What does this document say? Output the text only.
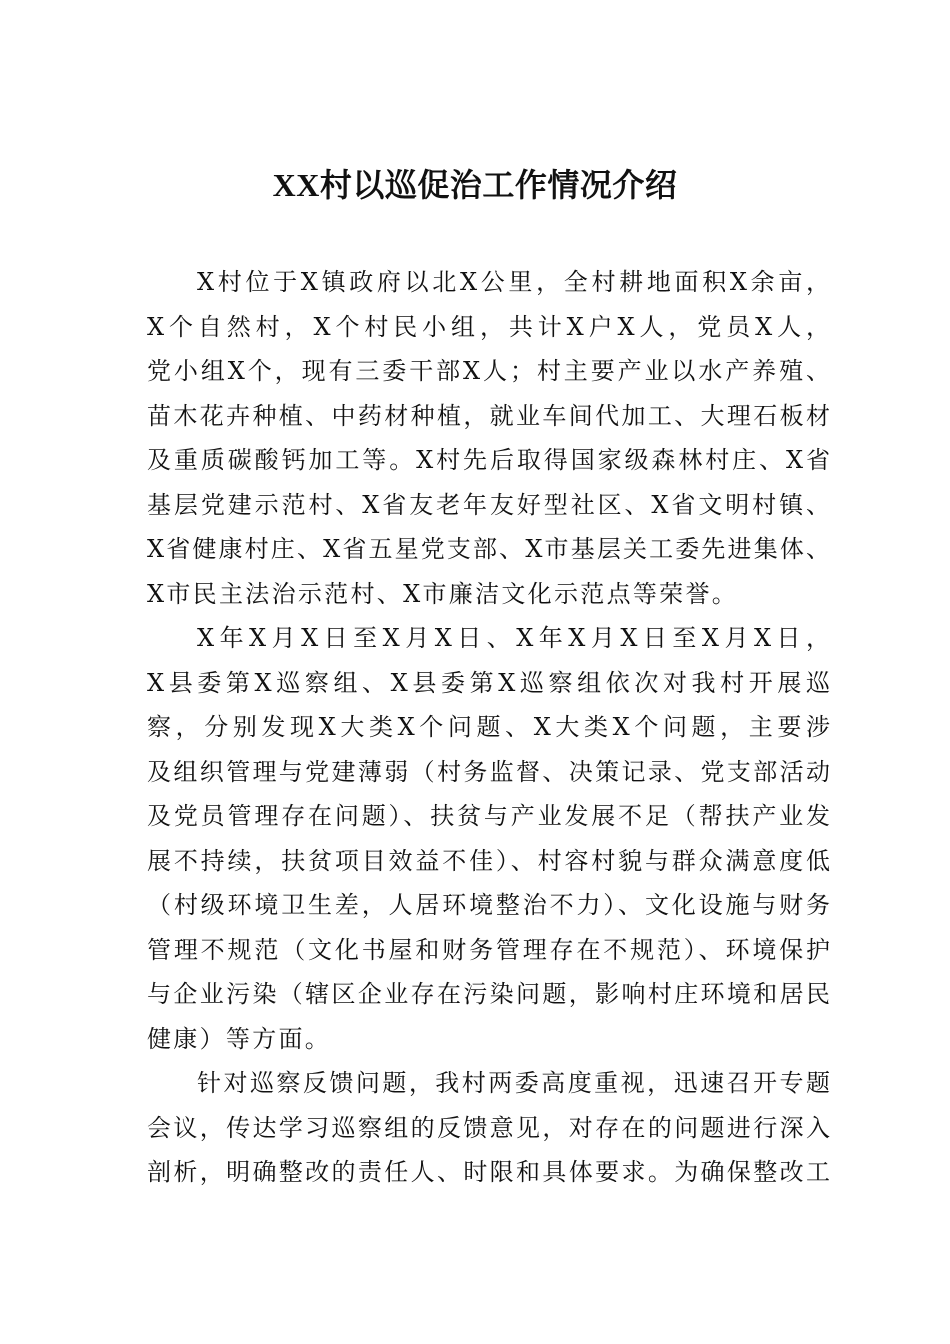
XX村以巡促治工作情况介绍
X村位于X镇政府以北X公里，全村耕地面积X余亩，
X个自然村，X个村民小组，共计X户X人，党员X人，
党小组X个，现有三委干部X人；村主要产业以水产养殖、
苗木花卉种植、中药材种植，就业车间代加工、大理石板材
及重质碳酸钙加工等。X村先后取得国家级森林村庄、X省
基层党建示范村、X省友老年友好型社区、X省文明村镇、
X省健康村庄、X省五星党支部、X市基层关工委先进集体、
X市民主法治示范村、X市廉洁文化示范点等荣誉。
X年X月X日至X月X日、X年X月X日至X月X日，
X县委第X巡察组、X县委第X巡察组依次对我村开展巡
察，分别发现X大类X个问题、X大类X个问题，主要涉
及组织管理与党建薄弱（村务监督、决策记录、党支部活动
及党员管理存在问题）、扶贫与产业发展不足（帮扶产业发
展不持续，扶贫项目效益不佳）、村容村貌与群众满意度低
（村级环境卫生差，人居环境整治不力）、文化设施与财务
管理不规范（文化书屋和财务管理存在不规范）、环境保护
与企业污染（辖区企业存在污染问题，影响村庄环境和居民
健康）等方面。
针对巡察反馈问题，我村两委高度重视，迅速召开专题
会议，传达学习巡察组的反馈意见，对存在的问题进行深入
剖析，明确整改的责任人、时限和具体要求。为确保整改工
